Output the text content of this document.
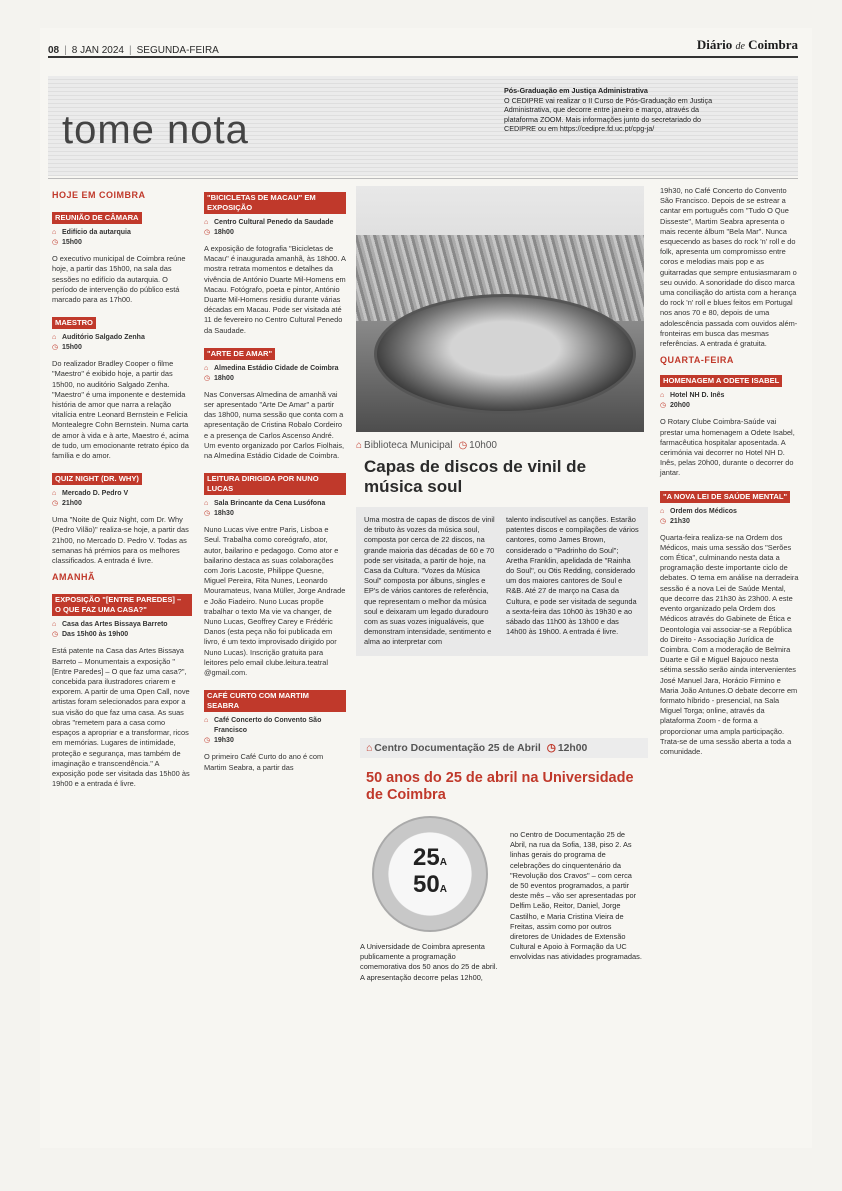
08 | 8 JAN 2024 | SEGUNDA-FEIRA	Diário de Coimbra
tome nota
Pós-Graduação em Justiça Administrativa
O CEDIPRE vai realizar o II Curso de Pós-Graduação em Justiça Administrativa, que decorre entre janeiro e março, através da plataforma ZOOM. Mais informações junto do secretariado do CEDIPRE ou em https://cedipre.fd.uc.pt/cpg-ja/
HOJE EM COIMBRA
REUNIÃO DE CÂMARA
⌂ Edifício da autarquia
◷ 15h00
O executivo municipal de Coimbra reúne hoje, a partir das 15h00, na sala das sessões no edifício da autarquia. O período de intervenção do público está marcado para as 17h00.
MAESTRO
⌂ Auditório Salgado Zenha
◷ 15h00
Do realizador Bradley Cooper o filme "Maestro" é exibido hoje, a partir das 15h00, no auditório Salgado Zenha. "Maestro" é uma imponente e destemida história de amor que narra a relação vitalícia entre Leonard Bernstein e Felicia Montealegre Cohn Bernstein. Numa carta de amor à vida e à arte, Maestro é, acima de tudo, um emocionante retrato épico da família e do amor.
QUIZ NIGHT (DR. WHY)
⌂ Mercado D. Pedro V
◷ 21h00
Uma "Noite de Quiz Night, com Dr. Why (Pedro Vilão)" realiza-se hoje, a partir das 21h00, no Mercado D. Pedro V. Todas as semanas há prémios para os melhores classificados. A entrada é livre.
AMANHÃ
EXPOSIÇÃO "[ENTRE PAREDES] – O QUE FAZ UMA CASA?"
⌂ Casa das Artes Bissaya Barreto
◷ Das 15h00 às 19h00
Está patente na Casa das Artes Bissaya Barreto – Monumentais a exposição "[Entre Paredes] – O que faz uma casa?", concebida para ilustradores criarem e exporem. A partir de uma Open Call, nove artistas foram selecionados para expor a sua visão do que faz uma casa. As suas obras "remetem para a casa como espaços a apropriar e a transformar, ricos em memórias. Lugares de intimidade, proteção e segurança, mas também de imaginação e transcendência." A exposição pode ser visitada das 15h00 às 19h00 e a entrada é livre.
"BICICLETAS DE MACAU" EM EXPOSIÇÃO
⌂ Centro Cultural Penedo da Saudade
◷ 18h00
A exposição de fotografia "Bicicletas de Macau" é inaugurada amanhã, às 18h00. A mostra retrata momentos e detalhes da vivência de António Duarte Mil-Homens em Macau. Fotógrafo, poeta e pintor, António Duarte Mil-Homens residiu durante várias décadas em Macau. Pode ser visitada até 11 de fevereiro no Centro Cultural Penedo da Saudade.
"ARTE DE AMAR"
⌂ Almedina Estádio Cidade de Coimbra
◷ 18h00
Nas Conversas Almedina de amanhã vai ser apresentado "Arte De Amar" a partir das 18h00, numa sessão que conta com a apresentação de Cristina Robalo Cordeiro e a presença de Carlos Ascenso André. Um evento organizado por Carlos Fiolhais, na Almedina Estádio Cidade de Coimbra.
LEITURA DIRIGIDA POR NUNO LUCAS
⌂ Sala Brincante da Cena Lusófona
◷ 18h30
Nuno Lucas vive entre Paris, Lisboa e Seul. Trabalha como coreógrafo, ator, autor, bailarino e pedagogo. Como ator e bailarino destaca as suas colaborações com Joris Lacoste, Philippe Quesne, Miguel Pereira, Rita Nunes, Leonardo Mouramateus, Ivana Müller, Jorge Andrade e João Fiadeiro. Nuno Lucas propõe trabalhar o texto Ma vie va changer, de Nuno Lucas, Geoffrey Carey e Frédéric Danos (esta peça não foi publicada em livro, é um texto improvisado dirigido por Nuno Lucas). Inscrição gratuita para leitores pelo email clube.leitura.teatral @gmail.com.
CAFÉ CURTO COM MARTIM SEABRA
⌂ Café Concerto do Convento São Francisco
◷ 19h30
O primeiro Café Curto do ano é com Martim Seabra, a partir das
⌂ Biblioteca Municipal ◷ 10h00
Capas de discos de vinil de música soul
Uma mostra de capas de discos de vinil de tributo às vozes da música soul, composta por cerca de 22 discos, na grande maioria das décadas de 60 e 70 pode ser visitada, a partir de hoje, na Casa da Cultura. "Vozes da Música Soul" composta por álbuns, singles e EP's de vários cantores de referência, que representam o melhor da música soul e deixaram um legado duradouro com as suas vozes inigualáveis, que demonstram intensidade, sentimento e alma ao interpretar com
talento indiscutível as canções. Estarão patentes discos e compilações de vários cantores, como James Brown, considerado o "Padrinho do Soul"; Aretha Franklin, apelidada de "Rainha do Soul", ou Otis Redding, considerado um dos maiores cantores de Soul e R&B. Até 27 de março na Casa da Cultura, e pode ser visitada de segunda a sexta-feira das 10h00 às 19h30 e ao sábado das 11h00 às 13h00 e das 14h00 às 19h00. A entrada é livre.
⌂ Centro Documentação 25 de Abril ◷ 12h00
50 anos do 25 de abril na Universidade de Coimbra
25A
50A
A Universidade de Coimbra apresenta publicamente a programação comemorativa dos 50 anos do 25 de abril. A apresentação decorre pelas 12h00,
no Centro de Documentação 25 de Abril, na rua da Sofia, 138, piso 2. As linhas gerais do programa de celebrações do cinquentenário da "Revolução dos Cravos" – com cerca de 50 eventos programados, a partir deste mês – vão ser apresentadas por Delfim Leão, Reitor, Daniel, Jorge Castilho, e Maria Cristina Vieira de Freitas, assim como por outros diretores de Unidades de Extensão Cultural e Apoio à Formação da UC envolvidas nas atividades programadas.
19h30, no Café Concerto do Convento São Francisco. Depois de se estrear a cantar em português com "Tudo O Que Disseste", Martim Seabra apresenta o mais recente álbum "Bela Mar". Nunca esquecendo as bases do rock 'n' roll e do folk, apresenta um compromisso entre coros e melodias mais pop e as guitarradas que sempre entusiasmaram o seu ouvido. A sonoridade do disco marca uma conciliação do artista com a herança do rock 'n' roll e blues feitos em Portugal nos anos 70 e 80, depois de uma adolescência passada com ouvidos além-fronteiras em busca das mesmas referências. A entrada é gratuita.
QUARTA-FEIRA
HOMENAGEM A ODETE ISABEL
⌂ Hotel NH D. Inês
◷ 20h00
O Rotary Clube Coimbra-Saúde vai prestar uma homenagem a Odete Isabel, farmacêutica hospitalar aposentada. A cerimónia vai decorrer no Hotel NH D. Inês, pelas 20h00, durante o decorrer do jantar.
"A NOVA LEI DE SAÚDE MENTAL"
⌂ Ordem dos Médicos
◷ 21h30
Quarta-feira realiza-se na Ordem dos Médicos, mais uma sessão dos "Serões com Ética", culminando nesta data a programação deste importante ciclo de debates. O tema em análise na derradeira sessão é a nova Lei de Saúde Mental, que decorre das 21h30 às 23h00. A este evento organizado pela Ordem dos Médicos através do Gabinete de Ética e Deontologia vai associar-se a República do Direito - Associação Jurídica de Coimbra. Com a moderação de Belmira Duarte e Gil e Miguel Bajouco nesta sétima sessão serão ainda intervenientes José Manuel Jara, Horácio Firmino e Maria João Antunes.O debate decorre em formato híbrido - presencial, na Sala Miguel Torga; online, através da plataforma Zoom - de forma a proporcionar uma ampla participação. Trata-se de uma sessão aberta a toda a comunidade.
